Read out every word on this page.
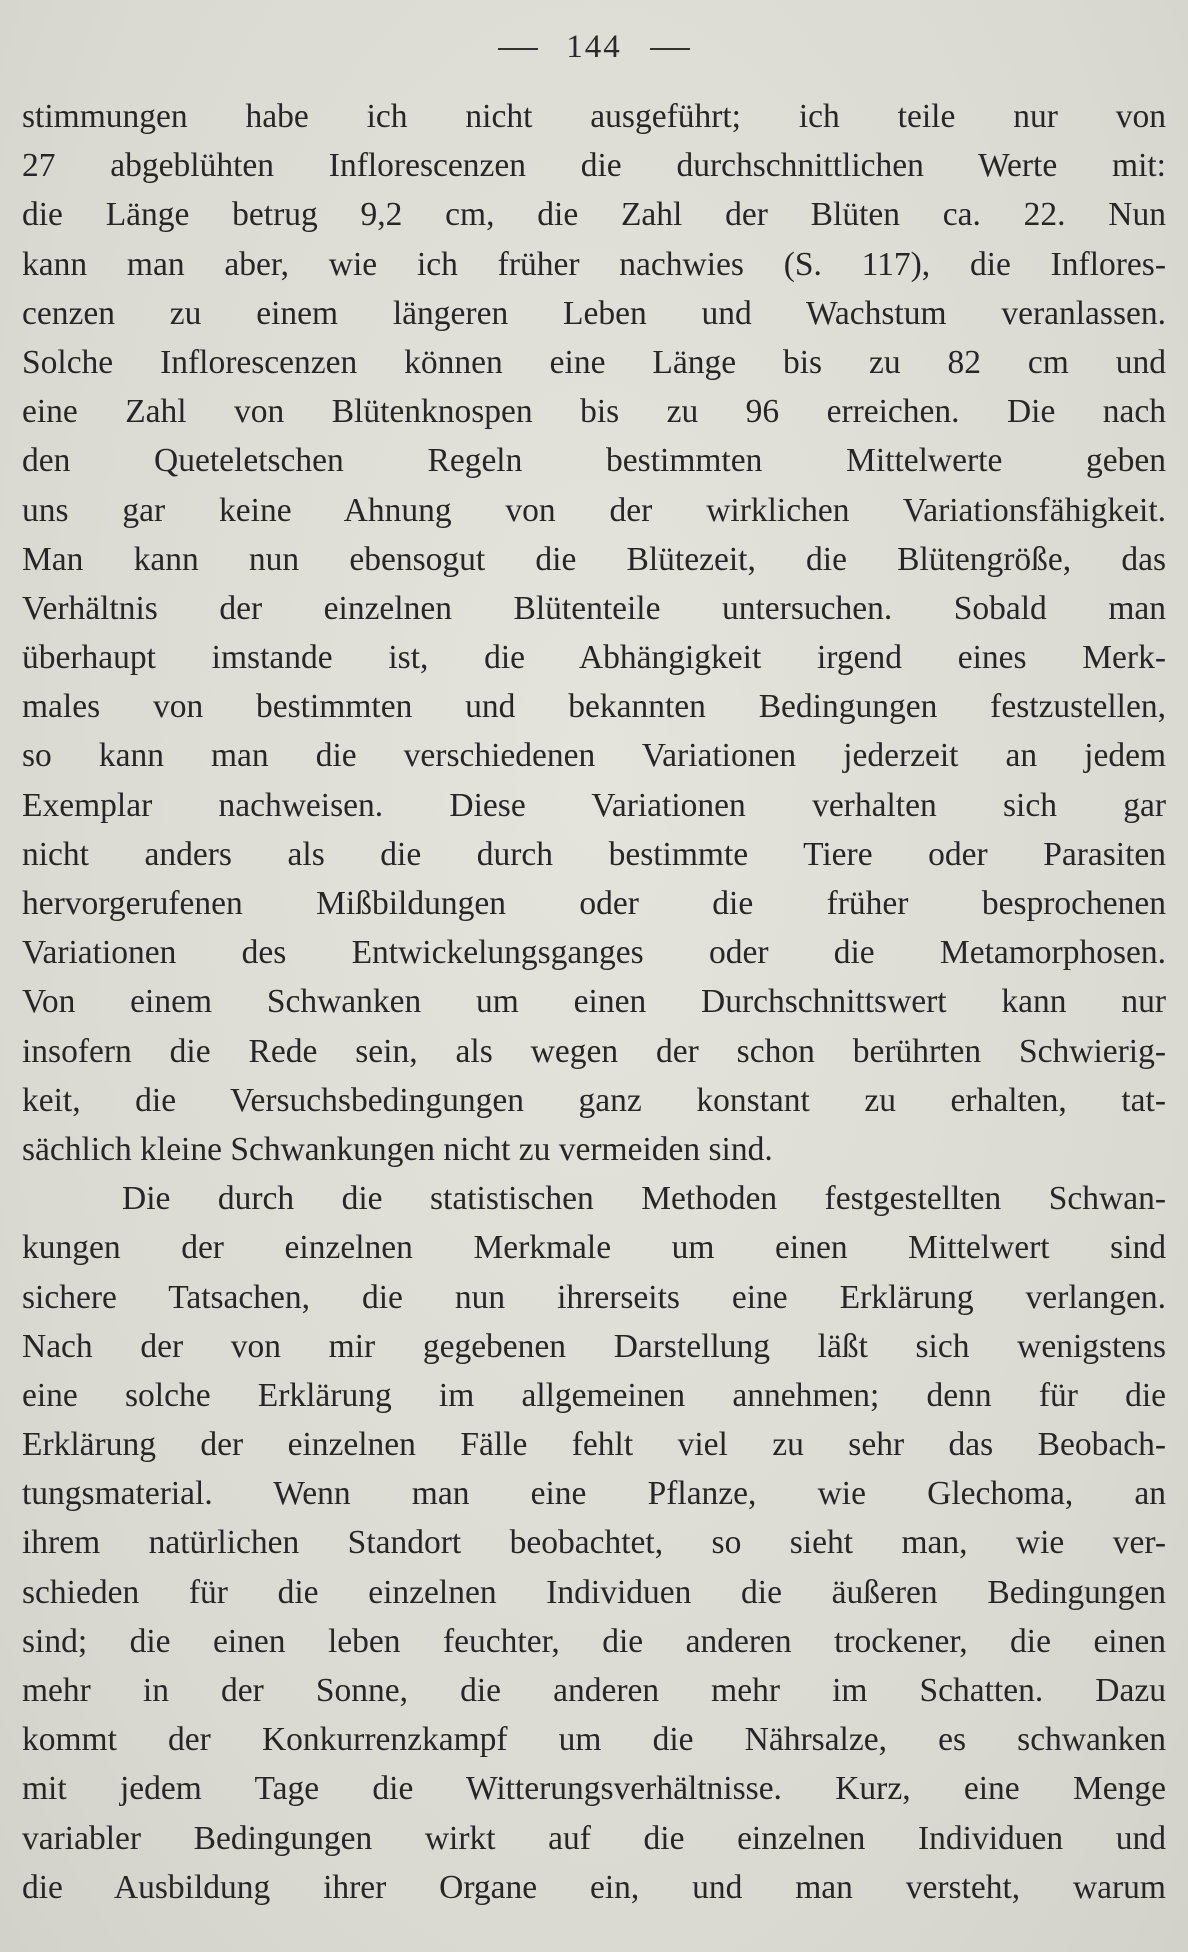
144
stimmungen habe ich nicht ausgeführt; ich teile nur von
27 abgeblühten Inflorescenzen die durchschnittlichen Werte mit:
die Länge betrug 9,2 cm, die Zahl der Blüten ca. 22. Nun
kann man aber, wie ich früher nachwies (S. 117), die Inflores-
cenzen zu einem längeren Leben und Wachstum veranlassen.
Solche Inflorescenzen können eine Länge bis zu 82 cm und
eine Zahl von Blütenknospen bis zu 96 erreichen. Die nach
den Queteletschen Regeln bestimmten Mittelwerte geben
uns gar keine Ahnung von der wirklichen Variationsfähigkeit.
Man kann nun ebensogut die Blütezeit, die Blütengröße, das
Verhältnis der einzelnen Blütenteile untersuchen. Sobald man
überhaupt imstande ist, die Abhängigkeit irgend eines Merk-
males von bestimmten und bekannten Bedingungen festzustellen,
so kann man die verschiedenen Variationen jederzeit an jedem
Exemplar nachweisen. Diese Variationen verhalten sich gar
nicht anders als die durch bestimmte Tiere oder Parasiten
hervorgerufenen Mißbildungen oder die früher besprochenen
Variationen des Entwickelungsganges oder die Metamorphosen.
Von einem Schwanken um einen Durchschnittswert kann nur
insofern die Rede sein, als wegen der schon berührten Schwierig-
keit, die Versuchsbedingungen ganz konstant zu erhalten, tat-
sächlich kleine Schwankungen nicht zu vermeiden sind.
Die durch die statistischen Methoden festgestellten Schwan-
kungen der einzelnen Merkmale um einen Mittelwert sind
sichere Tatsachen, die nun ihrerseits eine Erklärung verlangen.
Nach der von mir gegebenen Darstellung läßt sich wenigstens
eine solche Erklärung im allgemeinen annehmen; denn für die
Erklärung der einzelnen Fälle fehlt viel zu sehr das Beobach-
tungsmaterial. Wenn man eine Pflanze, wie Glechoma, an
ihrem natürlichen Standort beobachtet, so sieht man, wie ver-
schieden für die einzelnen Individuen die äußeren Bedingungen
sind; die einen leben feuchter, die anderen trockener, die einen
mehr in der Sonne, die anderen mehr im Schatten. Dazu
kommt der Konkurrenzkampf um die Nährsalze, es schwanken
mit jedem Tage die Witterungsverhältnisse. Kurz, eine Menge
variabler Bedingungen wirkt auf die einzelnen Individuen und
die Ausbildung ihrer Organe ein, und man versteht, warum
